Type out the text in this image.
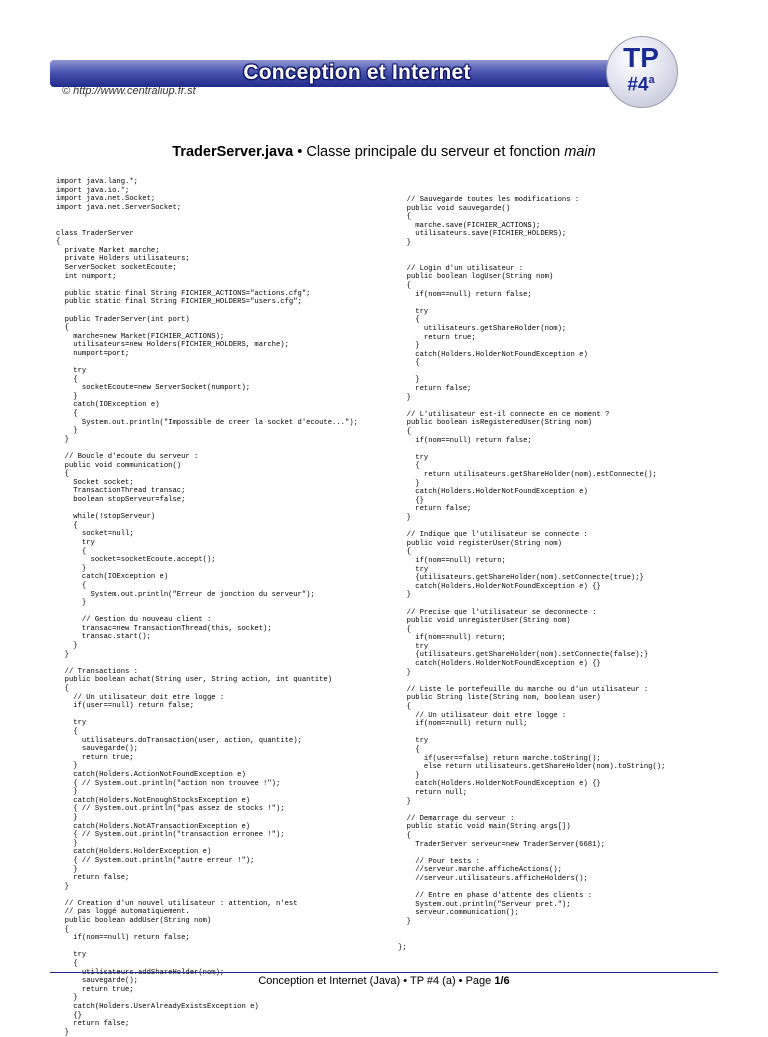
Conception et Internet
© http://www.centraliup.fr.st
TP
#4$^a$
TraderServer.java • Classe principale du serveur et fonction main
import java.lang.*;
import java.io.*;
import java.net.Socket;
import java.net.ServerSocket;

class TraderServer
{
private Market marche;
private Holders utilisateurs;
ServerSocket socketEcoute;
int numport;

public static final String FICHIER_ACTIONS="actions.cfg";
public static final String FICHIER_HOLDERS="users.cfg";

public TraderServer(int port)
{
marche=new Market(FICHIER_ACTIONS);
utilisateurs=new Holders(FICHIER_HOLDERS, marche);
numport=port;

try
{
socketEcoute=new ServerSocket(numport);
}
catch(IOException e)
{
System.out.println("Impossible de creer la socket d'ecoute...");
}
}

// Boucle d'ecoute du serveur :
public void communication()
{
Socket socket;
TransactionThread transac;
boolean stopServeur=false;

while(!stopServeur)
{
socket=null;
try
{
socket=socketEcoute.accept();
}
catch(IOException e)
{
System.out.println("Erreur de jonction du serveur");
}

// Gestion du nouveau client :
transac=new TransactionThread(this, socket);
transac.start();
}
}

// Transactions :
public boolean achat(String user, String action, int quantite)
{
// Un utilisateur doit etre logge :
if(user==null) return false;

try
{
utilisateurs.doTransaction(user, action, quantite);
sauvegarde();
return true;
}
catch(Holders.ActionNotFoundException e)
{ // System.out.println("action non trouvee !");
}
catch(Holders.NotEnoughStocksException e)
{ // System.out.println("pas assez de stocks !");
}
catch(Holders.NotATransactionException e)
{ // System.out.println("transaction erronee !");
}
catch(Holders.HolderException e)
{ // System.out.println("autre erreur !");
}
return false;
}

// Creation d'un nouvel utilisateur : attention, n'est
// pas loggé automatiquement.
public boolean addUser(String nom)
{
if(nom==null) return false;

try
{
utilisateurs.addShareHolder(nom);
sauvegarde();
return true;
}
catch(Holders.UserAlreadyExistsException e)
{}
return false;
}
// Sauvegarde toutes les modifications :
public void sauvegarde()
{
marche.save(FICHIER_ACTIONS);
utilisateurs.save(FICHIER_HOLDERS);
}

// Login d'un utilisateur :
public boolean logUser(String nom)
{
if(nom==null) return false;

try
{
utilisateurs.getShareHolder(nom);
return true;
}
catch(Holders.HolderNotFoundException e)
{

}
return false;
}

// L'utilisateur est-il connecte en ce moment ?
public boolean isRegisteredUser(String nom)
{
if(nom==null) return false;

try
{
return utilisateurs.getShareHolder(nom).estConnecte();
}
catch(Holders.HolderNotFoundException e)
{}
return false;
}

// Indique que l'utilisateur se connecte :
public void registerUser(String nom)
{
if(nom==null) return;
try
{utilisateurs.getShareHolder(nom).setConnecte(true);}
catch(Holders.HolderNotFoundException e) {}
}

// Precise que l'utilisateur se deconnecte :
public void unregisterUser(String nom)
{
if(nom==null) return;
try
{utilisateurs.getShareHolder(nom).setConnecte(false);}
catch(Holders.HolderNotFoundException e) {}
}

// Liste le portefeuille du marche ou d'un utilisateur :
public String liste(String nom, boolean user)
{
// Un utilisateur doit etre logge :
if(nom==null) return null;

try
{
if(user==false) return marche.toString();
else return utilisateurs.getShareHolder(nom).toString();
}
catch(Holders.HolderNotFoundException e) {}
return null;
}

// Demarrage du serveur :
public static void main(String args[])
{
TraderServer serveur=new TraderServer(6681);

// Pour tests :
//serveur.marche.afficheActions();
//serveur.utilisateurs.afficheHolders();

// Entre en phase d'attente des clients :
System.out.println("Serveur pret.");
serveur.communication();
}

};
Conception et Internet (Java) • TP #4 (a) • Page 1/6
